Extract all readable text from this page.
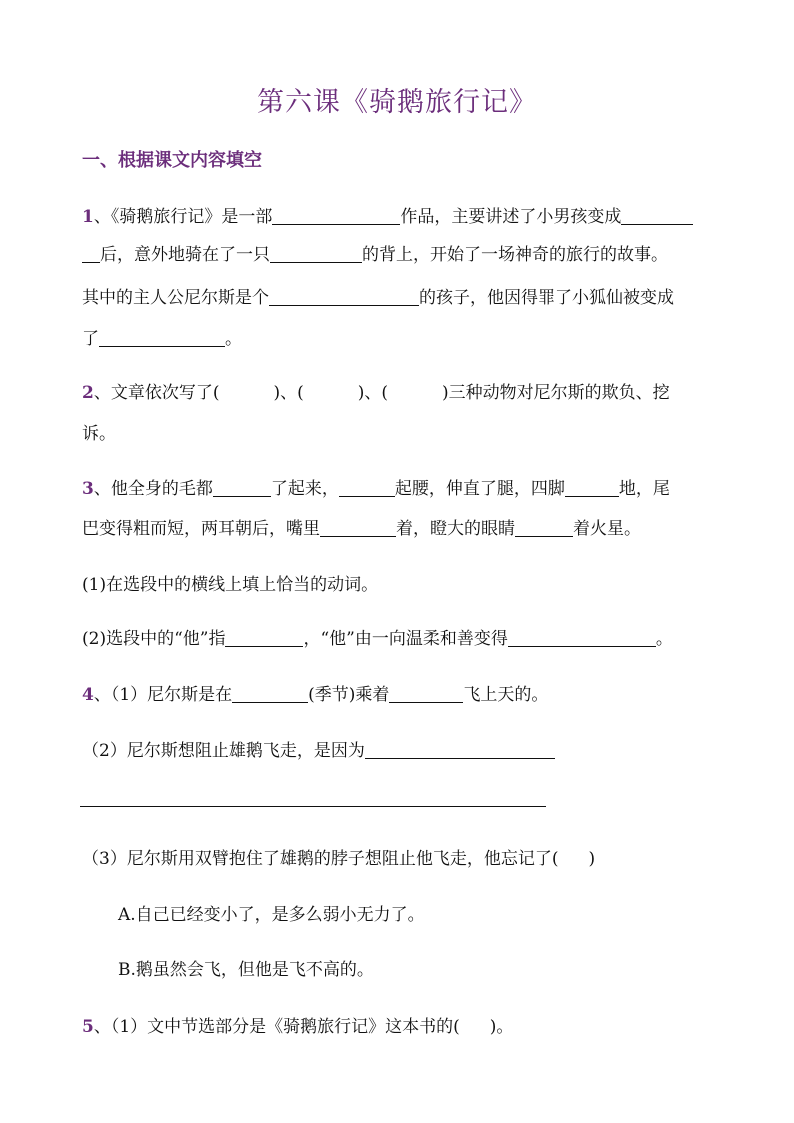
第六课《骑鹅旅行记》
一、根据课文内容填空
1、《骑鹅旅行记》是一部	作品，主要讲述了小男孩变成
后，意外地骑在了一只	的背上，开始了一场神奇的旅行的故事。
其中的主人公尼尔斯是个	的孩子，他因得罪了小狐仙被变成
了	。
2、文章依次写了(	)、(	)、(	)三种动物对尼尔斯的欺负、挖
诉。
3、他全身的毛都	了起来，	起腰，伸直了腿，四脚	地，尾
巴变得粗而短，两耳朝后，嘴里	着，瞪大的眼睛	着火星。
(1)在选段中的横线上填上恰当的动词。
(2)选段中的“他”指	，“他”由一向温柔和善变得	。
4、（1）尼尔斯是在	(季节)乘着	飞上天的。
（2）尼尔斯想阻止雄鹅飞走，是因为
（3）尼尔斯用双臂抱住了雄鹅的脖子想阻止他飞走，他忘记了( )
A.自己已经变小了，是多么弱小无力了。
B.鹅虽然会飞，但他是飞不高的。
5、（1）文中节选部分是《骑鹅旅行记》这本书的( )。
